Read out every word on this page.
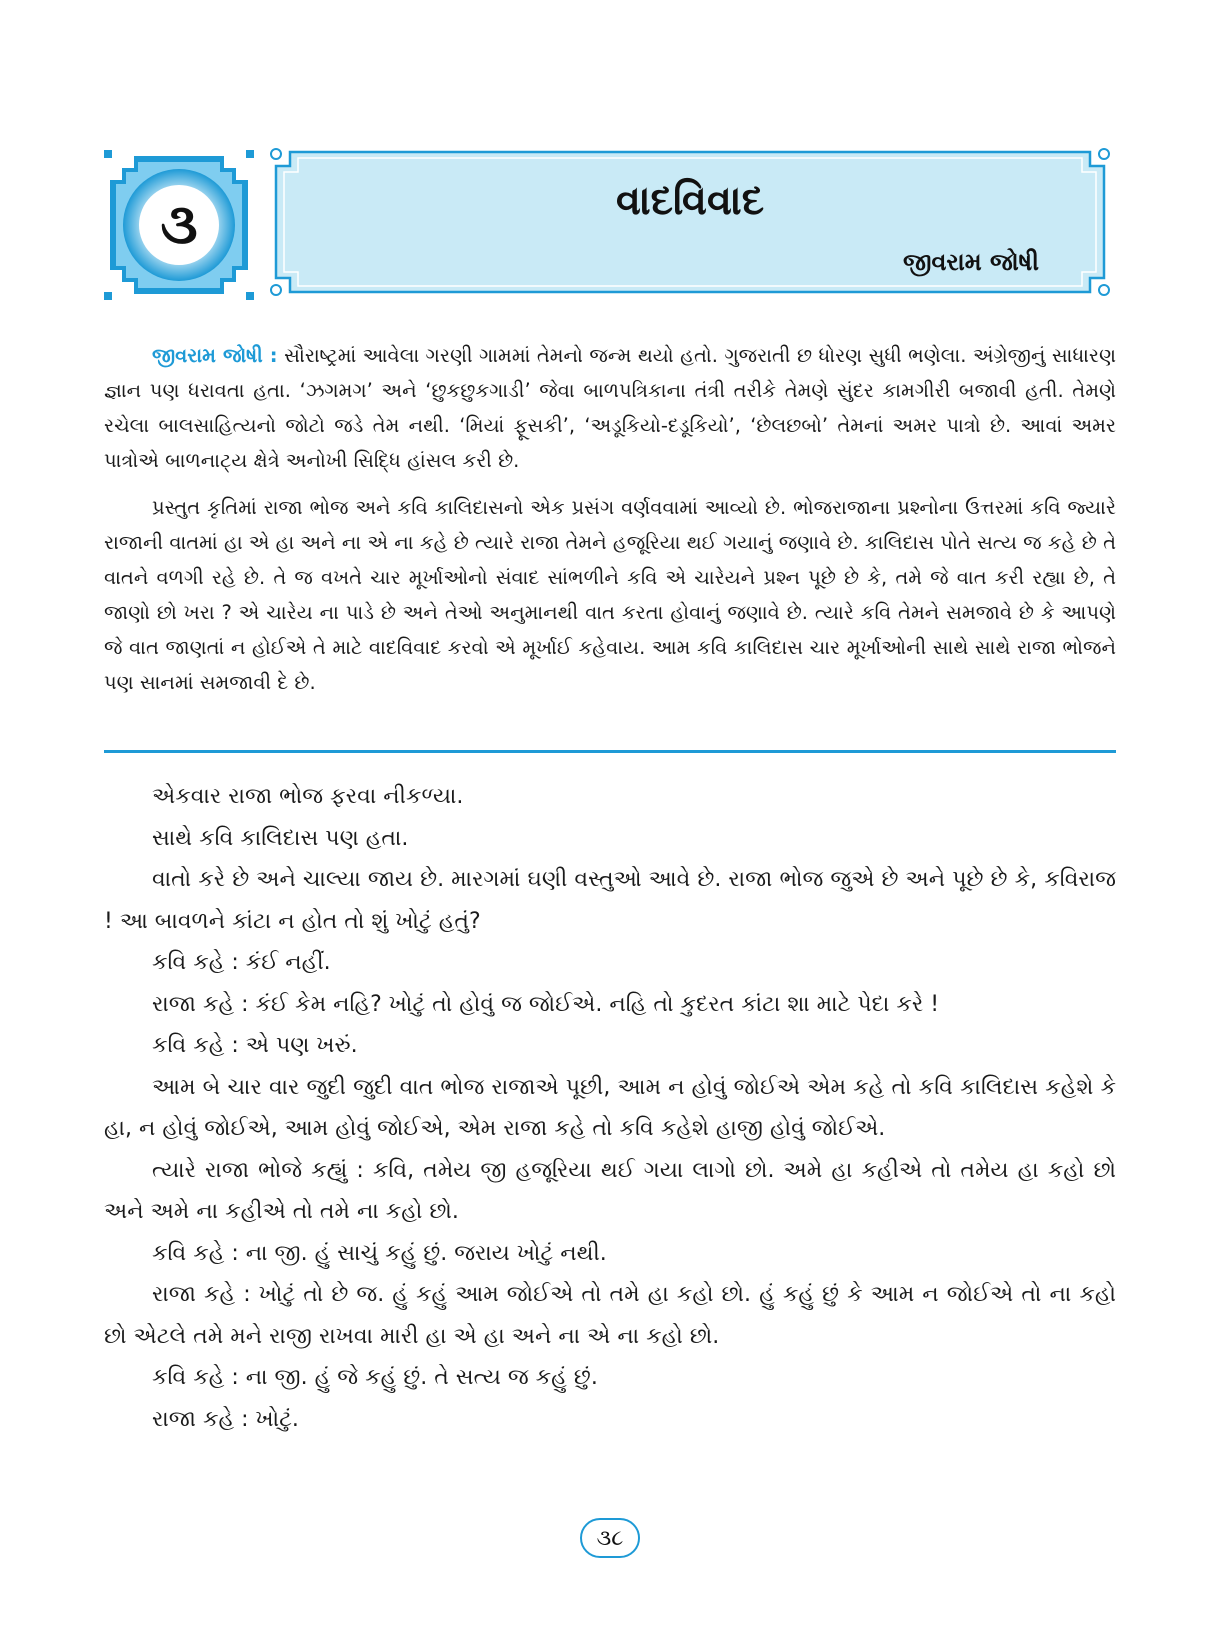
૩	વાદવિવાદ
જીવરામ જોષી

જીવરામ જોષી : સૌરાષ્ટ્રમાં આવેલા ગરણી ગામમાં તેમનો જન્મ થયો હતો. ગુજરાતી છ ધોરણ સુધી ભણેલા. અંગ્રેજીનું સાધારણ જ્ઞાન પણ ધરાવતા હતા. ‘ઝગમગ’ અને ‘છુકછુકગાડી’ જેવા બાળપત્રિકાના તંત્રી તરીકે તેમણે સુંદર કામગીરી બજાવી હતી. તેમણે રચેલા બાલસાહિત્યનો જોટો જડે તેમ નથી. ‘મિયાં ફૂસકી’, ‘અડૂકિયો-દડૂકિયો’, ‘છેલછબો’ તેમનાં અમર પાત્રો છે. આવાં અમર પાત્રોએ બાળનાટ્ય ક્ષેત્રે અનોખી સિદ્ધિ હાંસલ કરી છે.

પ્રસ્તુત કૃતિમાં રાજા ભોજ અને કવિ કાલિદાસનો એક પ્રસંગ વર્ણવવામાં આવ્યો છે. ભોજરાજાના પ્રશ્નોના ઉત્તરમાં કવિ જ્યારે રાજાની વાતમાં હા એ હા અને ના એ ના કહે છે ત્યારે રાજા તેમને હજૂરિયા થઈ ગયાનું જણાવે છે. કાલિદાસ પોતે સત્ય જ કહે છે તે વાતને વળગી રહે છે. તે જ વખતે ચાર મૂર્ખાઓનો સંવાદ સાંભળીને કવિ એ ચારેયને પ્રશ્ન પૂછે છે કે, તમે જે વાત કરી રહ્યા છે, તે જાણો છો ખરા ? એ ચારેય ના પાડે છે અને તેઓ અનુમાનથી વાત કરતા હોવાનું જણાવે છે. ત્યારે કવિ તેમને સમજાવે છે કે આપણે જે વાત જાણતાં ન હોઈએ તે માટે વાદવિવાદ કરવો એ મૂર્ખાઈ કહેવાય. આમ કવિ કાલિદાસ ચાર મૂર્ખાઓની સાથે સાથે રાજા ભોજને પણ સાનમાં સમજાવી દે છે.

એકવાર રાજા ભોજ ફરવા નીકળ્યા.

સાથે કવિ કાલિદાસ પણ હતા.

વાતો કરે છે અને ચાલ્યા જાય છે. મારગમાં ઘણી વસ્તુઓ આવે છે. રાજા ભોજ જુએ છે અને પૂછે છે કે, કવિરાજ ! આ બાવળને કાંટા ન હોત તો શું ખોટું હતું?

કવિ કહે : કંઈ નહીં.

રાજા કહે : કંઈ કેમ નહિ? ખોટું તો હોવું જ જોઈએ. નહિ તો કુદરત કાંટા શા માટે પેદા કરે !

કવિ કહે : એ પણ ખરું.

આમ બે ચાર વાર જુદી જુદી વાત ભોજ રાજાએ પૂછી, આમ ન હોવું જોઈએ એમ કહે તો કવિ કાલિદાસ કહેશે કે હા, ન હોવું જોઈએ, આમ હોવું જોઈએ, એમ રાજા કહે તો કવિ કહેશે હાજી હોવું જોઈએ.

ત્યારે રાજા ભોજે કહ્યું : કવિ, તમેય જી હજૂરિયા થઈ ગયા લાગો છો. અમે હા કહીએ તો તમેય હા કહો છો અને અમે ના કહીએ તો તમે ના કહો છો.

કવિ કહે : ના જી. હું સાચું કહું છું. જરાય ખોટું નથી.

રાજા કહે : ખોટું તો છે જ. હું કહું આમ જોઈએ તો તમે હા કહો છો. હું કહું છું કે આમ ન જોઈએ તો ના કહો છો એટલે તમે મને રાજી રાખવા મારી હા એ હા અને ના એ ના કહો છો.

કવિ કહે : ના જી. હું જે કહું છું. તે સત્ય જ કહું છું.

રાજા કહે : ખોટું.

૩૮
